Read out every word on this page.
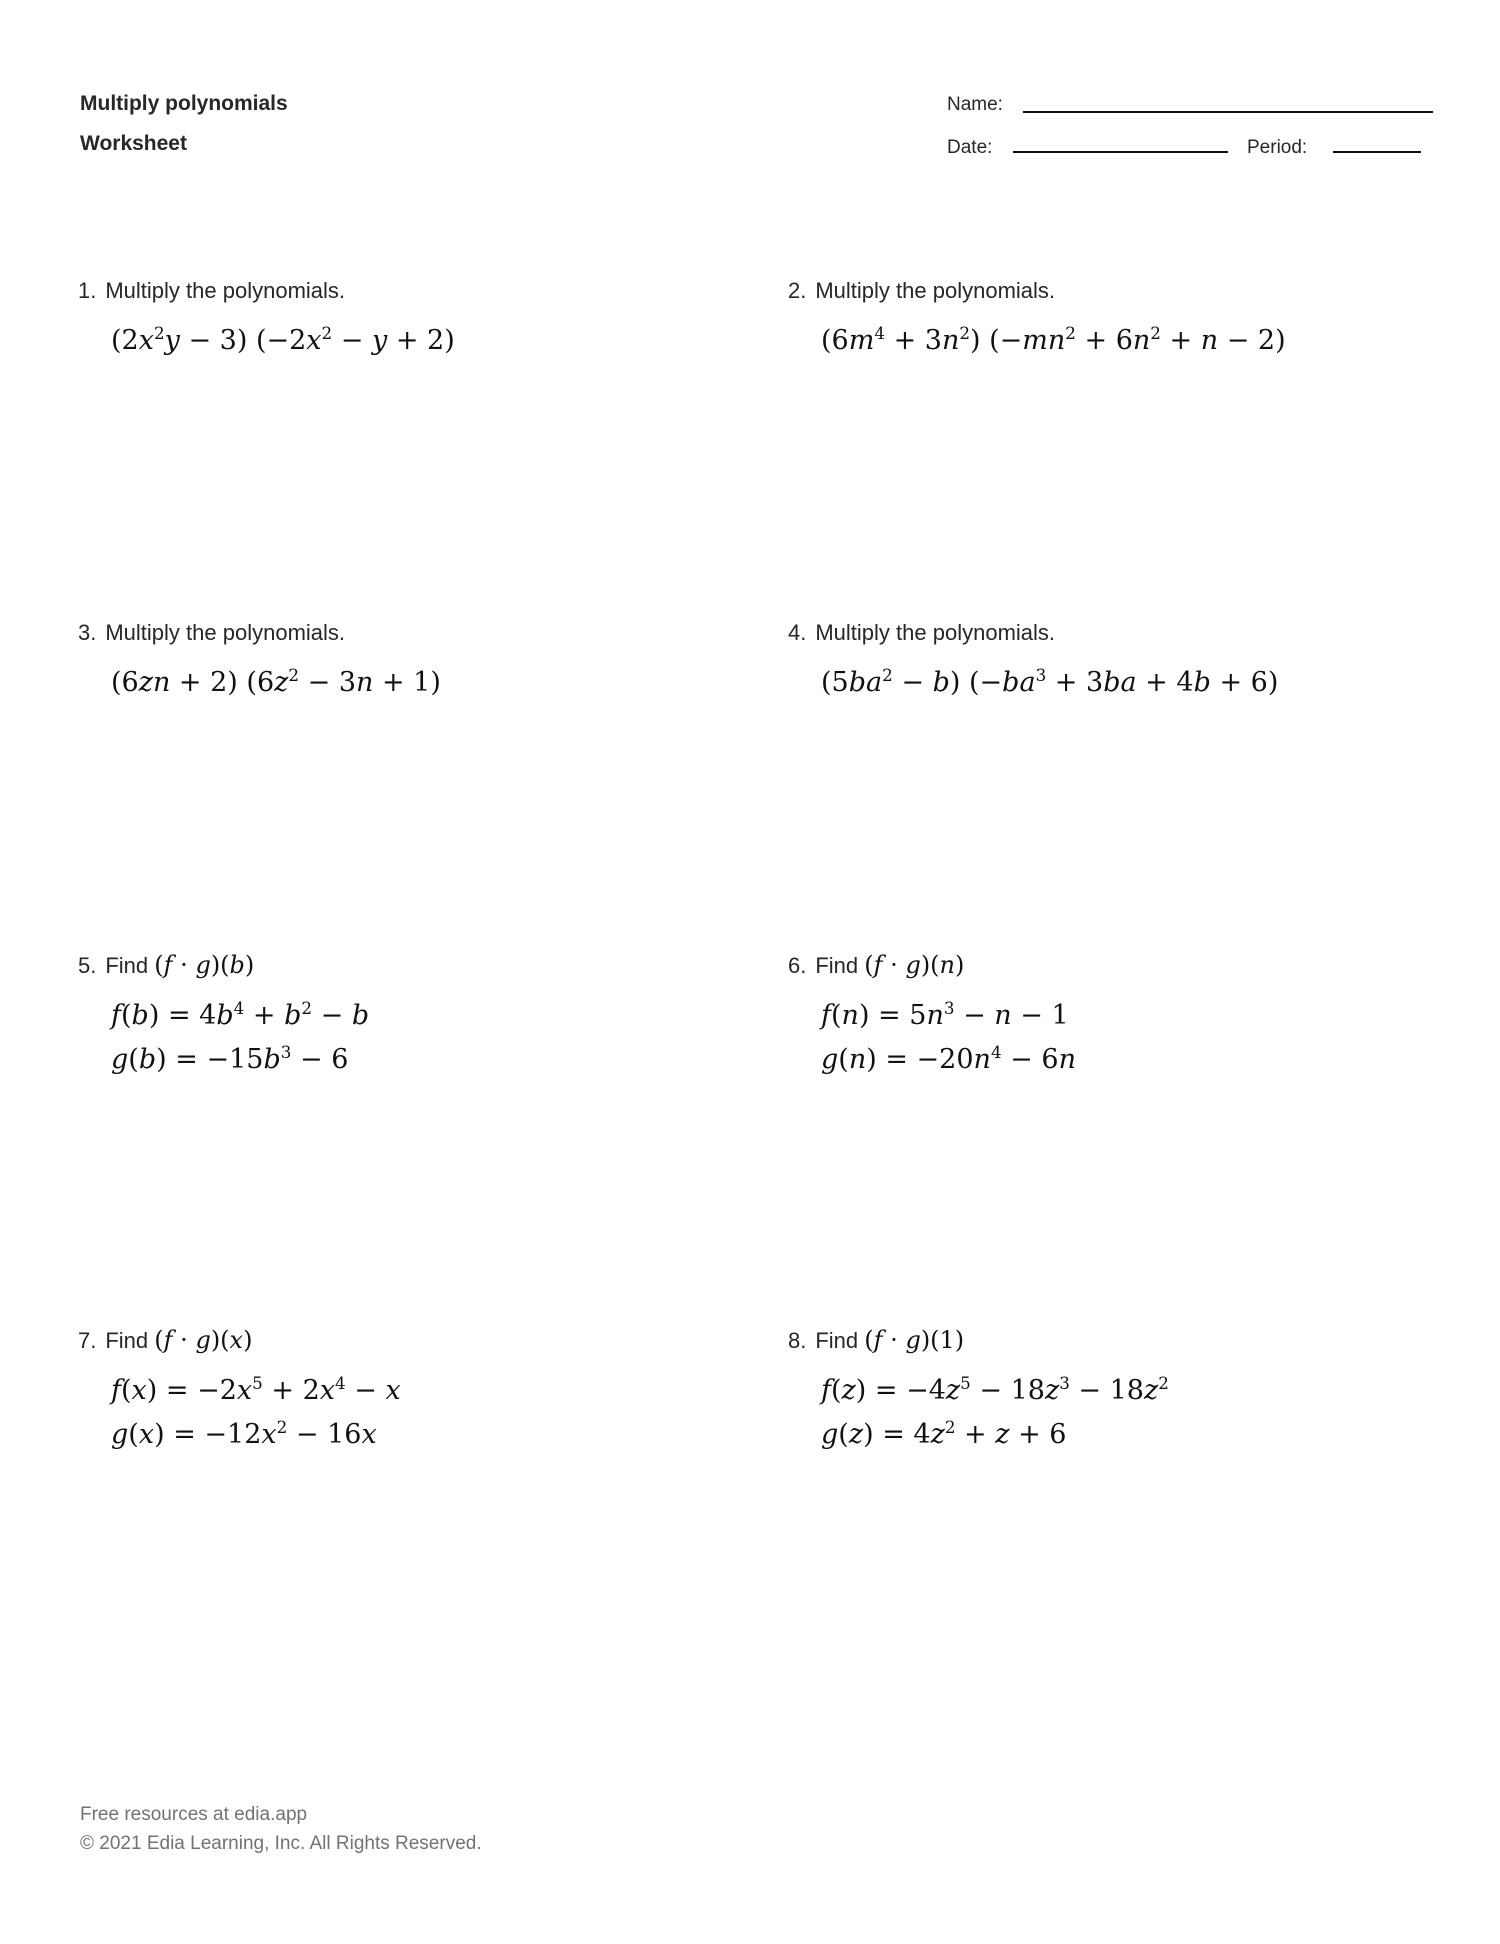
Multiply polynomials
Worksheet
Name:
Date:	Period:
1. Multiply the polynomials.
$(2x^2y - 3) (-2x^2 - y + 2)$
2. Multiply the polynomials.
$(6m^4 + 3n^2) (-mn^2 + 6n^2 + n - 2)$
3. Multiply the polynomials.
(6zn + 2) $(6z^2 - 3n + 1)$
4. Multiply the polynomials.
$(5ba^2 - b) (-ba^3 + 3ba + 4b + 6)$
5. Find (f · g)(b)
$f(b) = 4b^4 + b^2 - b$
$g(b) = -15b^3 - 6$
6. Find (f · g)(n)
$f(n) = 5n^3 - n - 1$
$g(n) = -20n^4 - 6n$
7. Find (f · g)(x)
$f(x) = -2x^5 + 2x^4 - x$
$g(x) = -12x^2 - 16x$
8. Find (f · g)(1)
$f(z) = -4z^5 - 18z^3 - 18z^2$
$g(z) = 4z^2 + z + 6$
Free resources at edia.app
© 2021 Edia Learning, Inc. All Rights Reserved.
